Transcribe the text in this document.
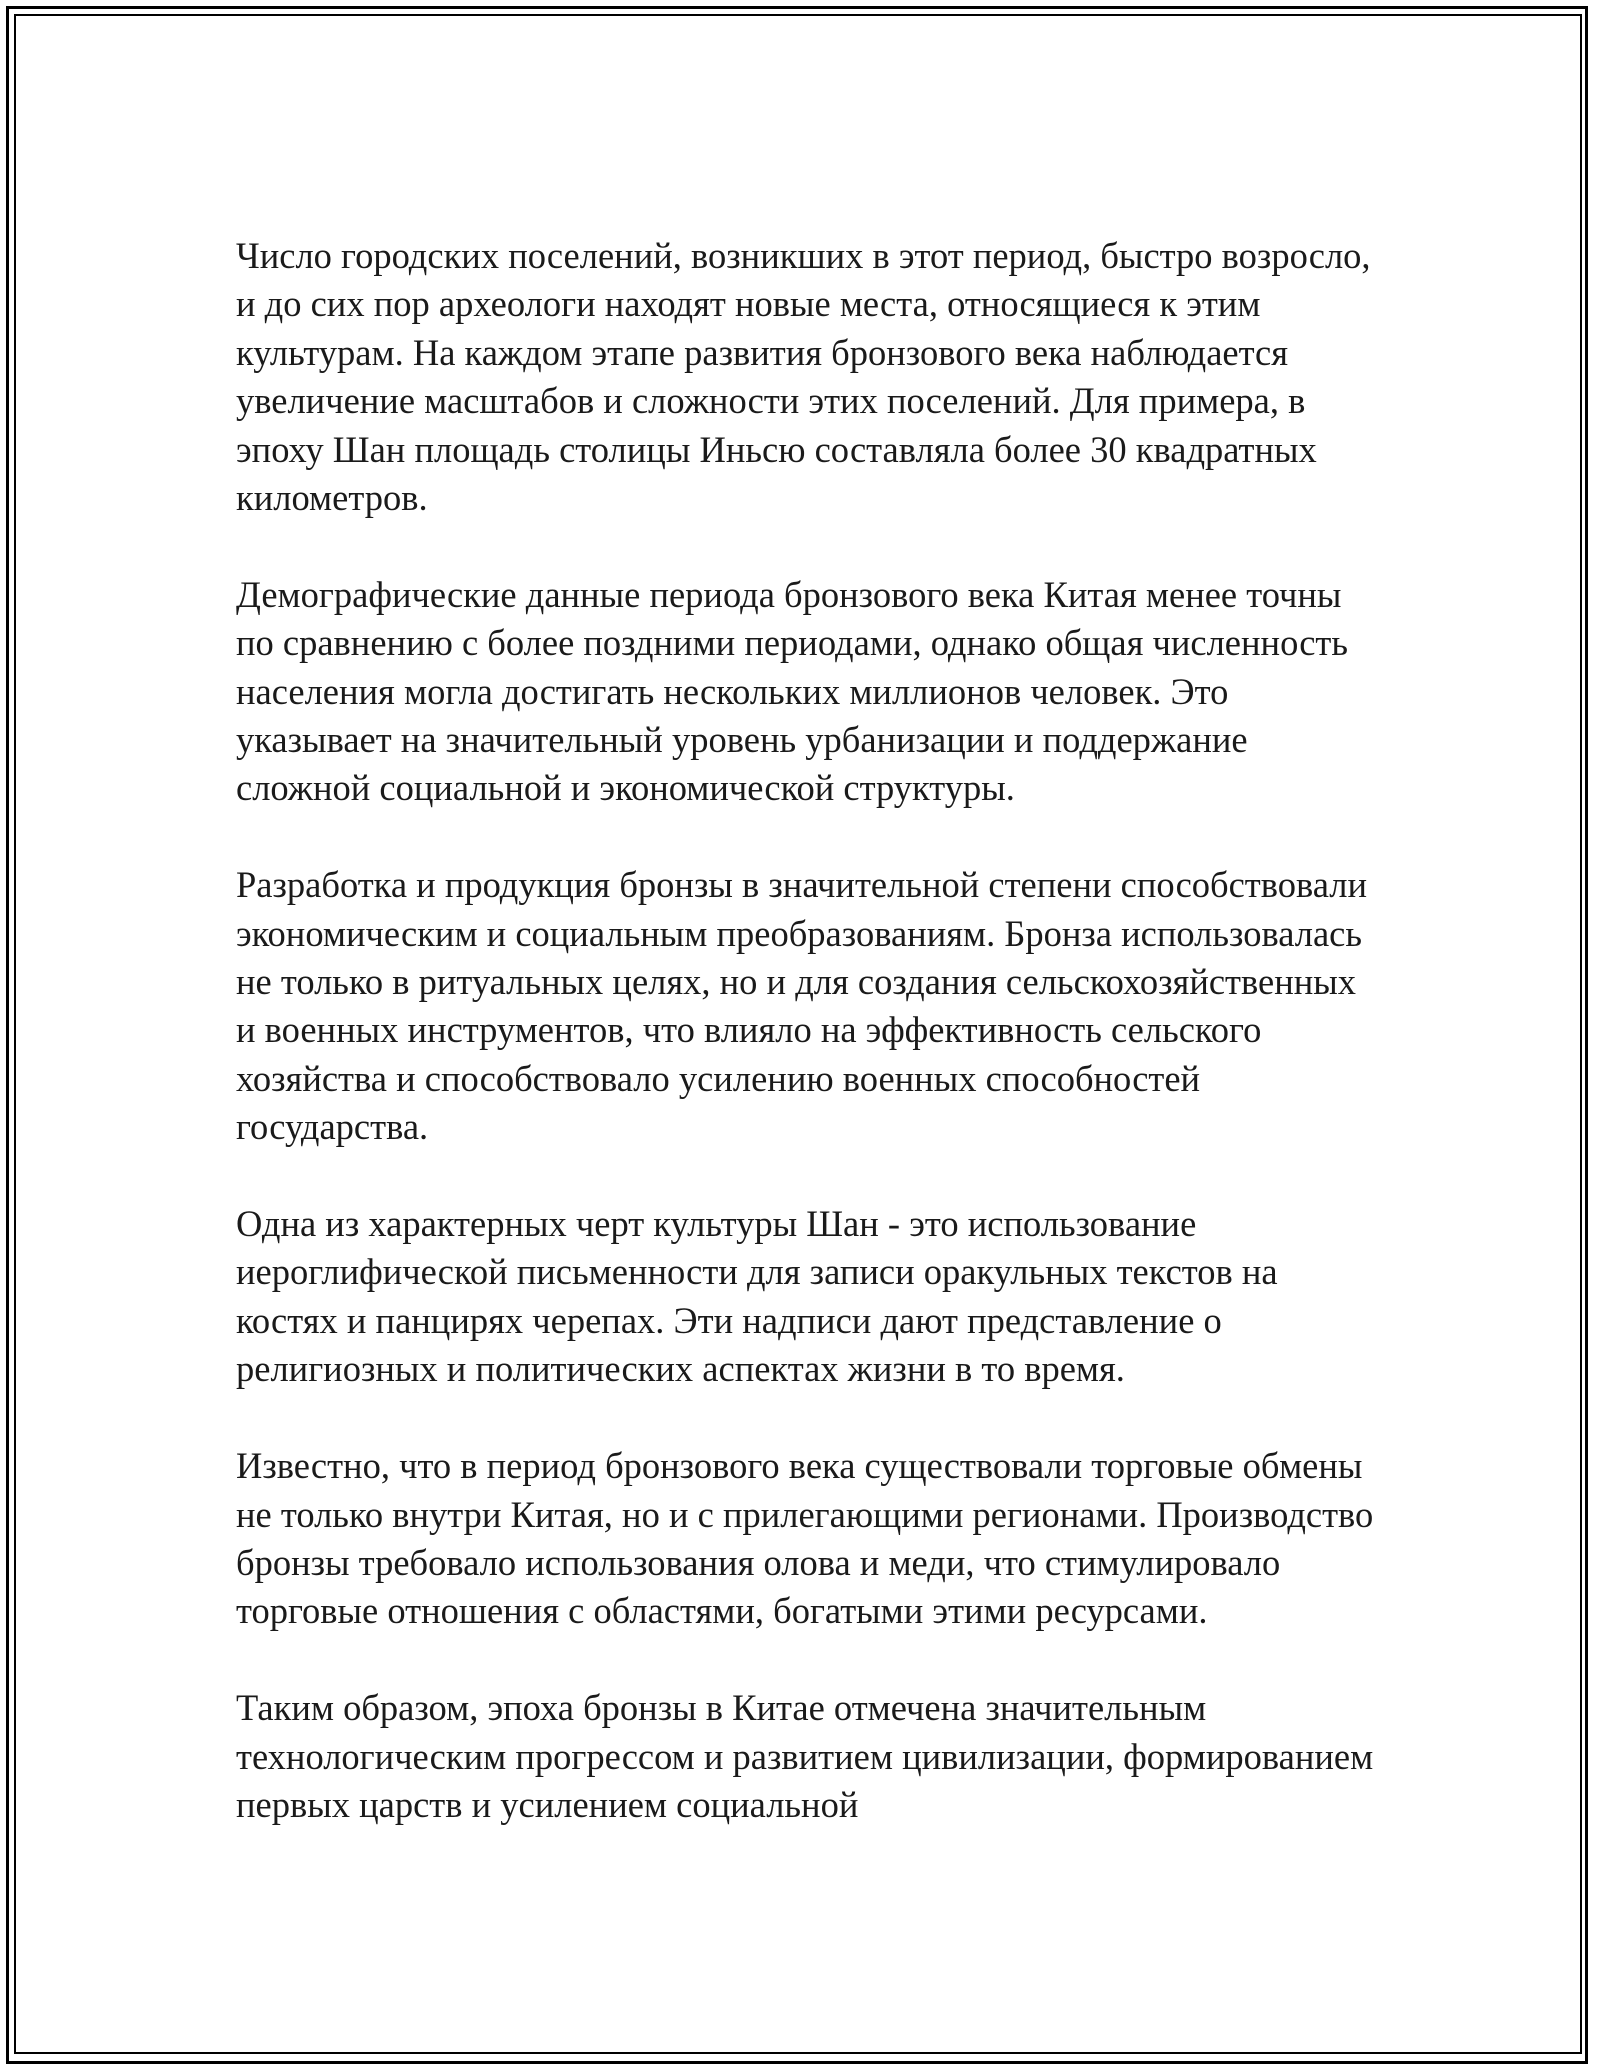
Число городских поселений, возникших в этот период, быстро возросло, и до сих пор археологи находят новые места, относящиеся к этим культурам. На каждом этапе развития бронзового века наблюдается увеличение масштабов и сложности этих поселений. Для примера, в эпоху Шан площадь столицы Иньсю составляла более 30 квадратных километров.

Демографические данные периода бронзового века Китая менее точны по сравнению с более поздними периодами, однако общая численность населения могла достигать нескольких миллионов человек. Это указывает на значительный уровень урбанизации и поддержание сложной социальной и экономической структуры.

Разработка и продукция бронзы в значительной степени способствовали экономическим и социальным преобразованиям. Бронза использовалась не только в ритуальных целях, но и для создания сельскохозяйственных и военных инструментов, что влияло на эффективность сельского хозяйства и способствовало усилению военных способностей государства.

Одна из характерных черт культуры Шан - это использование иероглифической письменности для записи оракульных текстов на костях и панцирях черепах. Эти надписи дают представление о религиозных и политических аспектах жизни в то время.

Известно, что в период бронзового века существовали торговые обмены не только внутри Китая, но и с прилегающими регионами. Производство бронзы требовало использования олова и меди, что стимулировало торговые отношения с областями, богатыми этими ресурсами.

Таким образом, эпоха бронзы в Китае отмечена значительным технологическим прогрессом и развитием цивилизации, формированием первых царств и усилением социальной
